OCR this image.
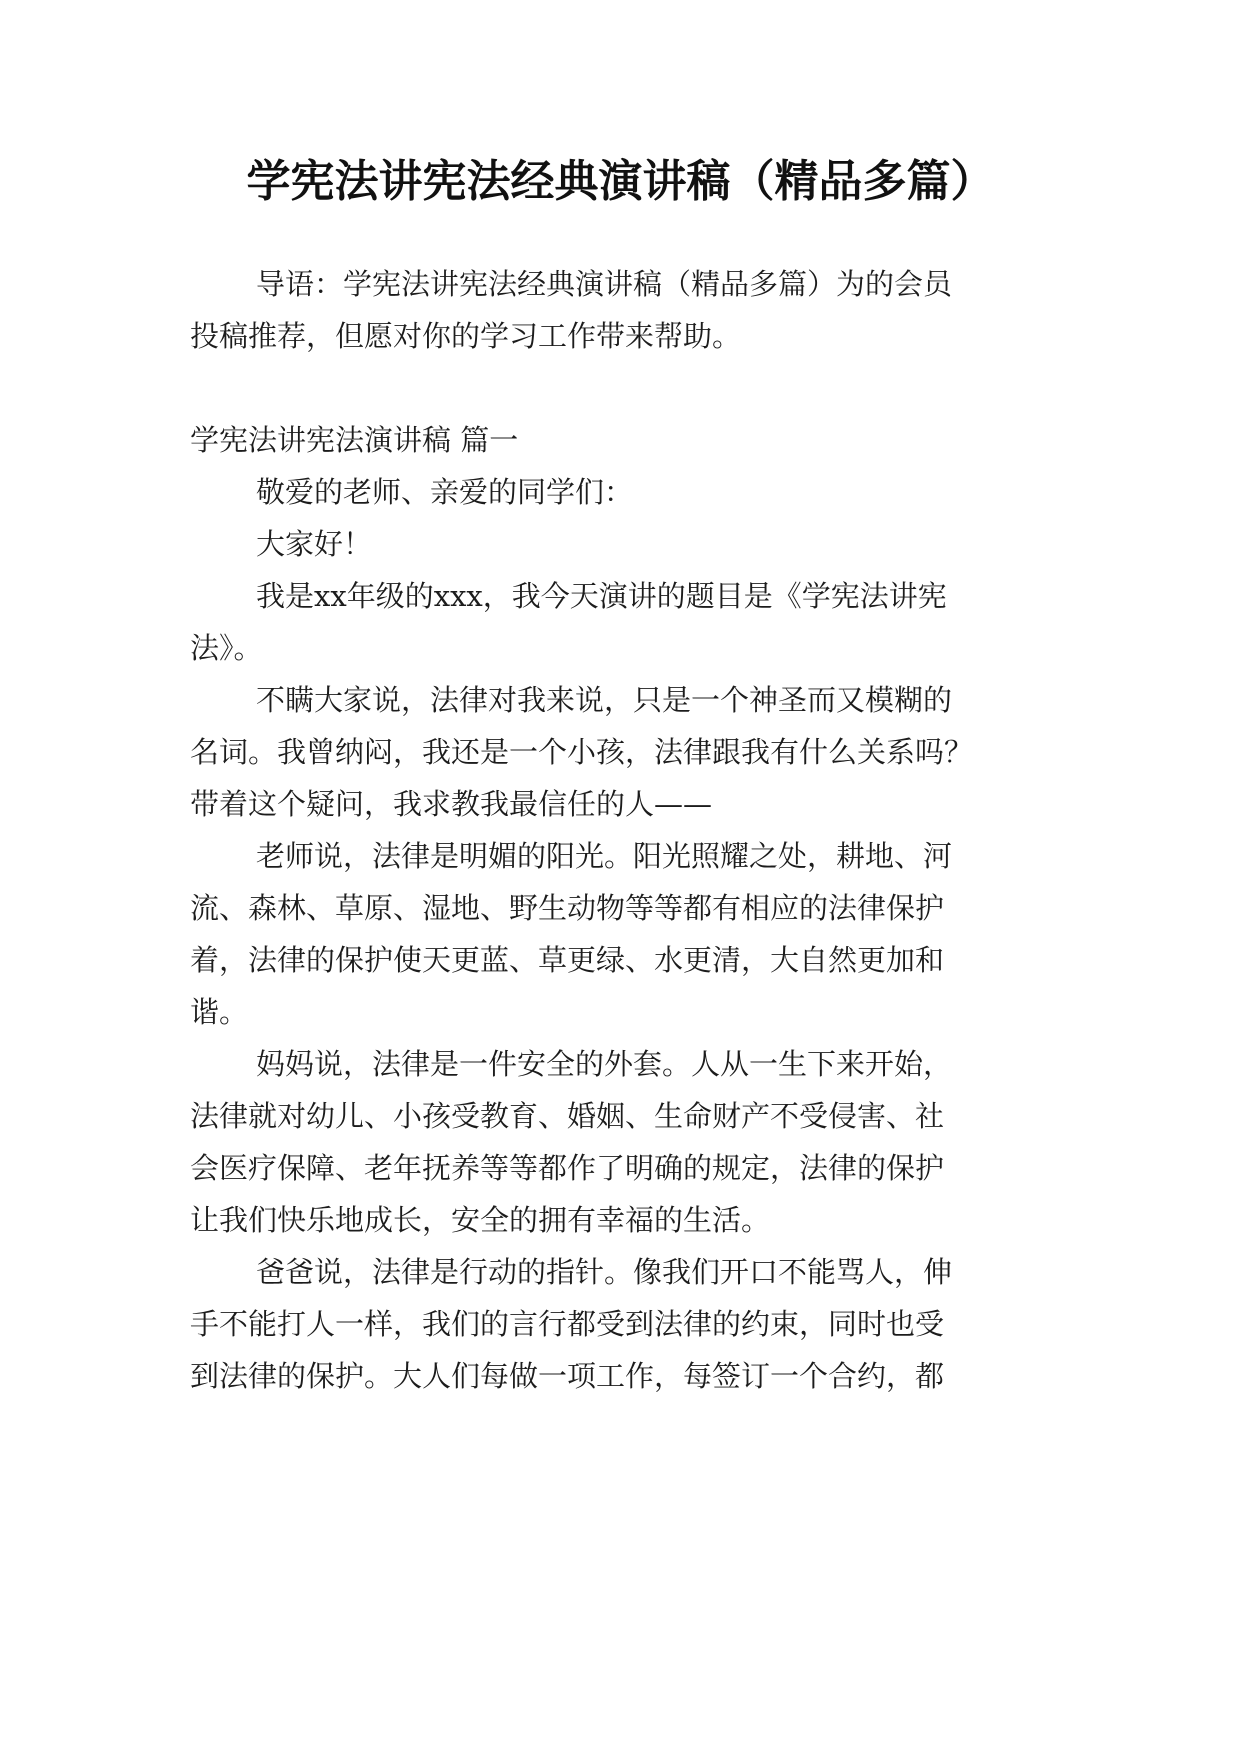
学宪法讲宪法经典演讲稿（精品多篇）
导语：学宪法讲宪法经典演讲稿（精品多篇）为的会员
投稿推荐，但愿对你的学习工作带来帮助。
学宪法讲宪法演讲稿 篇一
敬爱的老师、亲爱的同学们：
大家好！
我是xx年级的xxx，我今天演讲的题目是《学宪法讲宪
法》。
不瞒大家说，法律对我来说，只是一个神圣而又模糊的
名词。我曾纳闷，我还是一个小孩，法律跟我有什么关系吗？
带着这个疑问，我求教我最信任的人——
老师说，法律是明媚的阳光。阳光照耀之处，耕地、河
流、森林、草原、湿地、野生动物等等都有相应的法律保护
着，法律的保护使天更蓝、草更绿、水更清，大自然更加和
谐。
妈妈说，法律是一件安全的外套。人从一生下来开始，
法律就对幼儿、小孩受教育、婚姻、生命财产不受侵害、社
会医疗保障、老年抚养等等都作了明确的规定，法律的保护
让我们快乐地成长，安全的拥有幸福的生活。
爸爸说，法律是行动的指针。像我们开口不能骂人，伸
手不能打人一样，我们的言行都受到法律的约束，同时也受
到法律的保护。大人们每做一项工作，每签订一个合约，都
